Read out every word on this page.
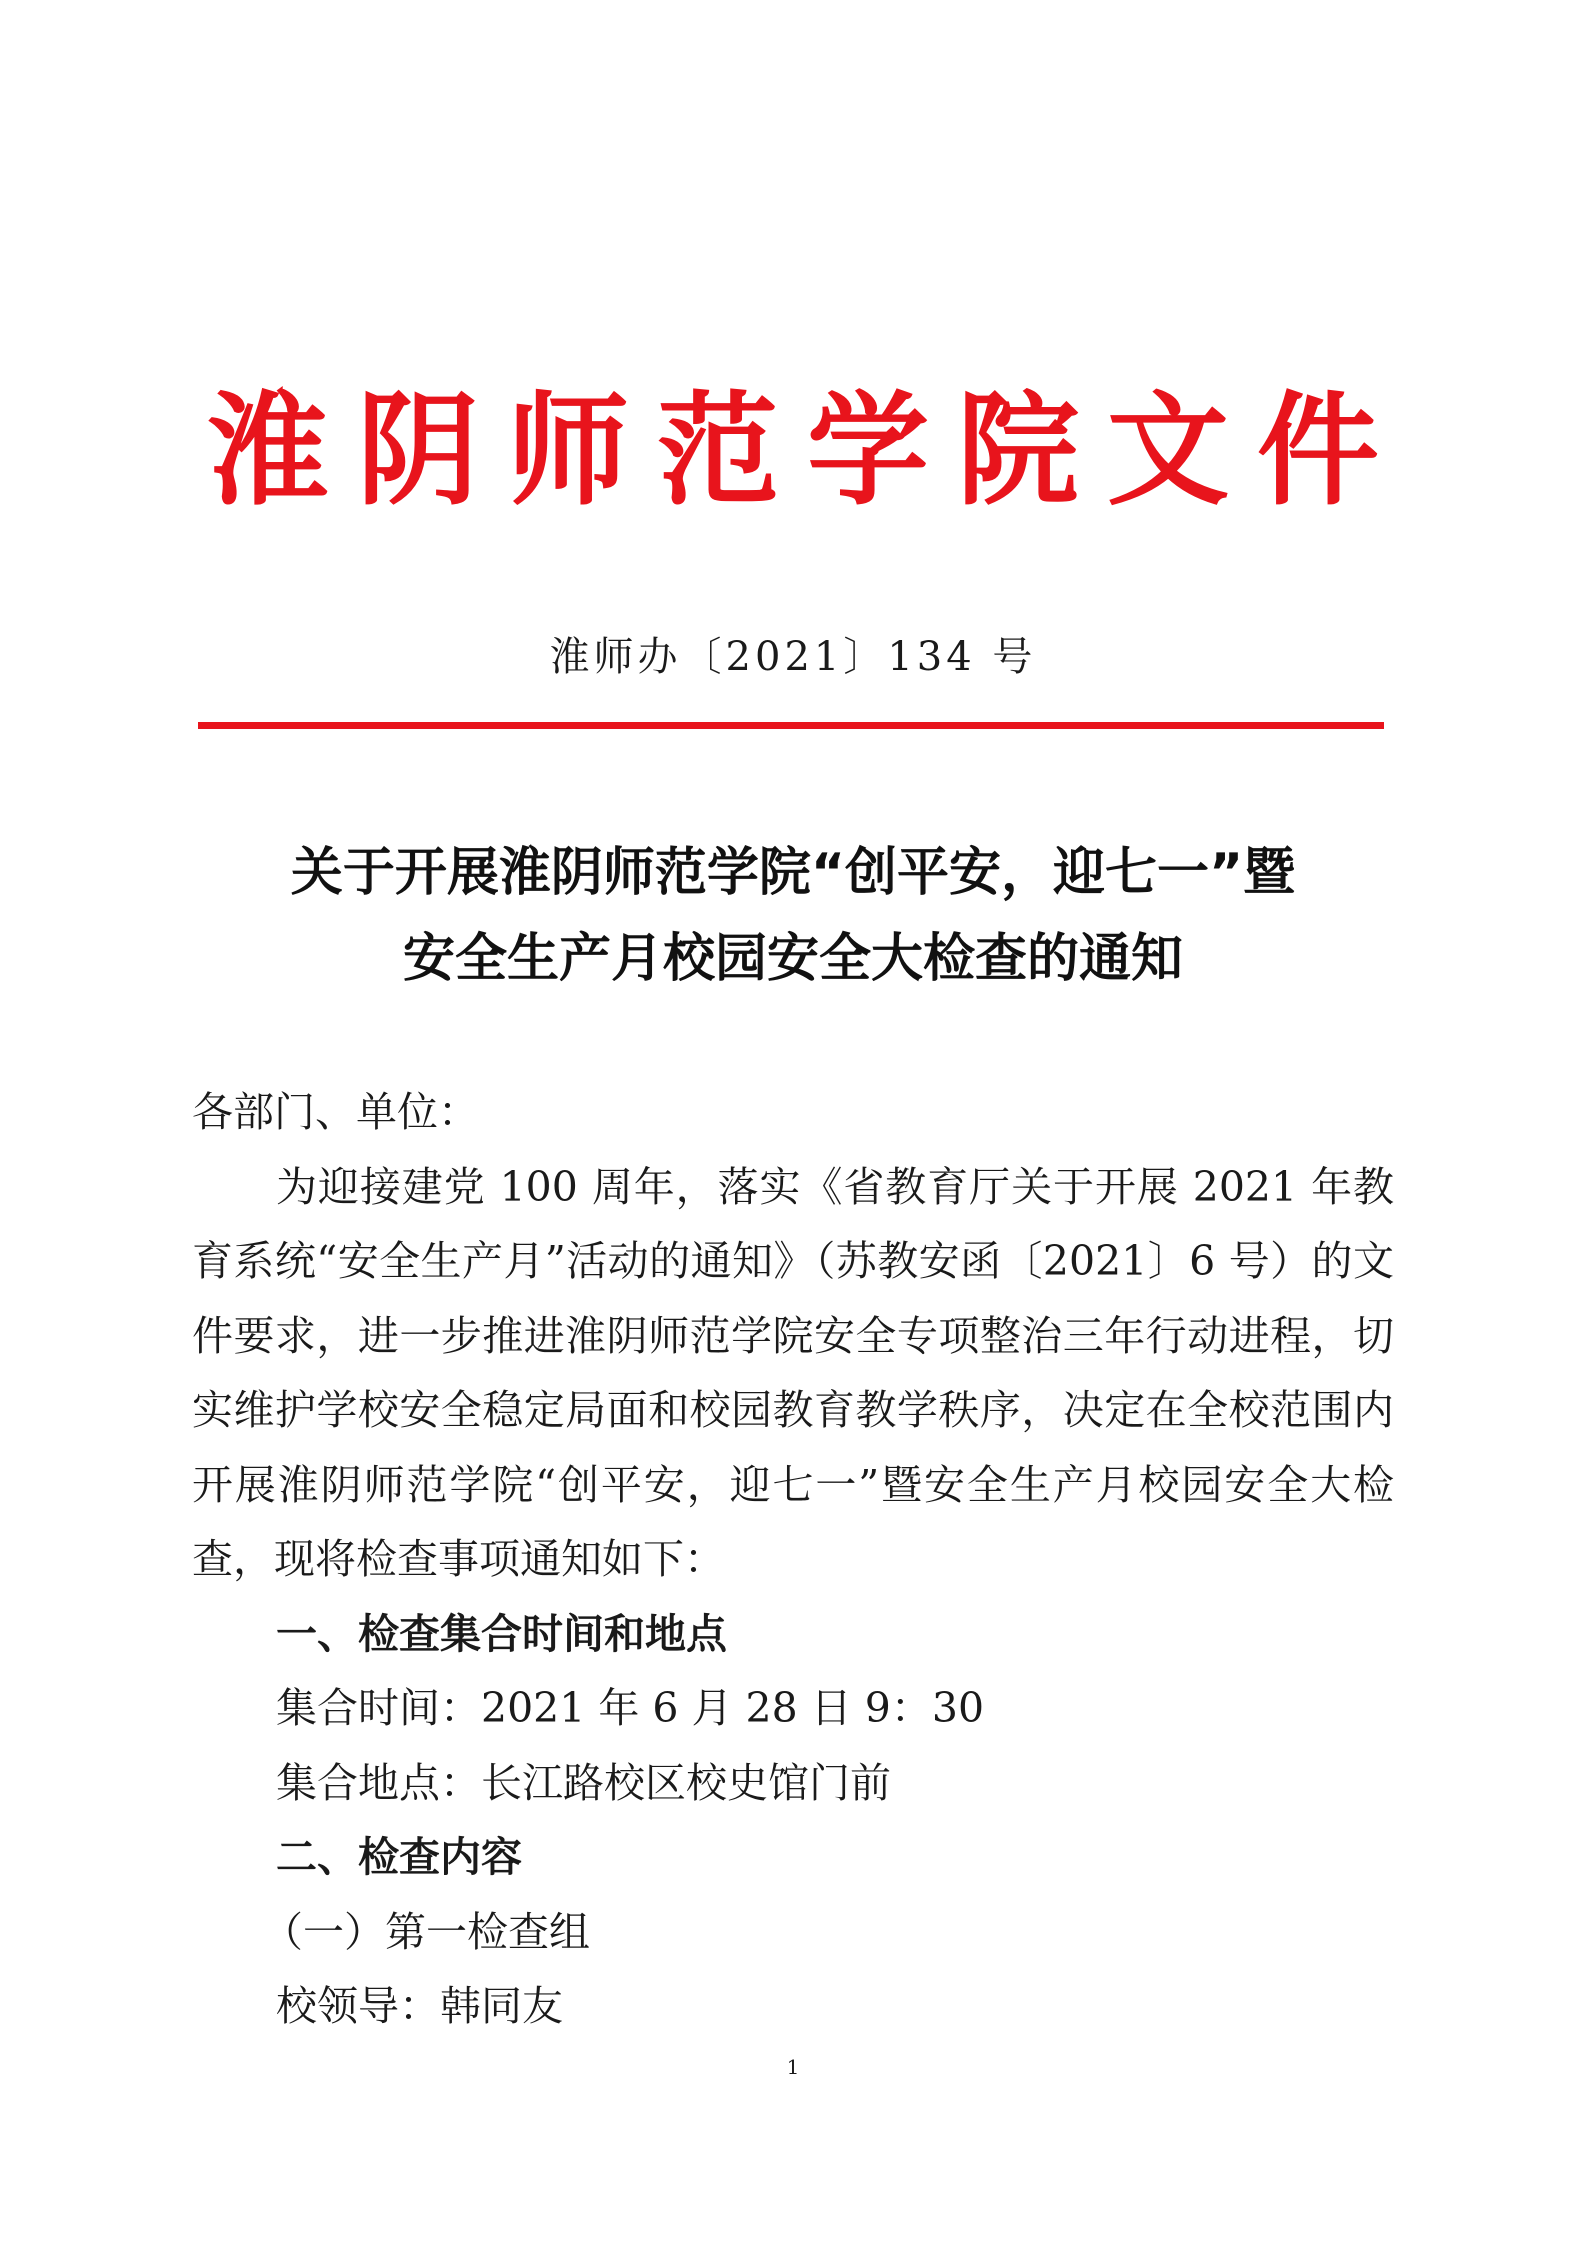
淮阴师范学院文件
淮师办〔2021〕134 号
关于开展淮阴师范学院“创平安，迎七一”暨
安全生产月校园安全大检查的通知

各部门、单位：

为迎接建党 100 周年，落实《省教育厅关于开展 2021 年教育系统“安全生产月”活动的通知》（苏教安函〔2021〕6 号）的文件要求，进一步推进淮阴师范学院安全专项整治三年行动进程，切实维护学校安全稳定局面和校园教育教学秩序，决定在全校范围内开展淮阴师范学院“创平安，迎七一”暨安全生产月校园安全大检查，现将检查事项通知如下：

一、检查集合时间和地点

集合时间：2021 年 6 月 28 日 9：30

集合地点：长江路校区校史馆门前

二、检查内容

（一）第一检查组

校领导：韩同友

1
